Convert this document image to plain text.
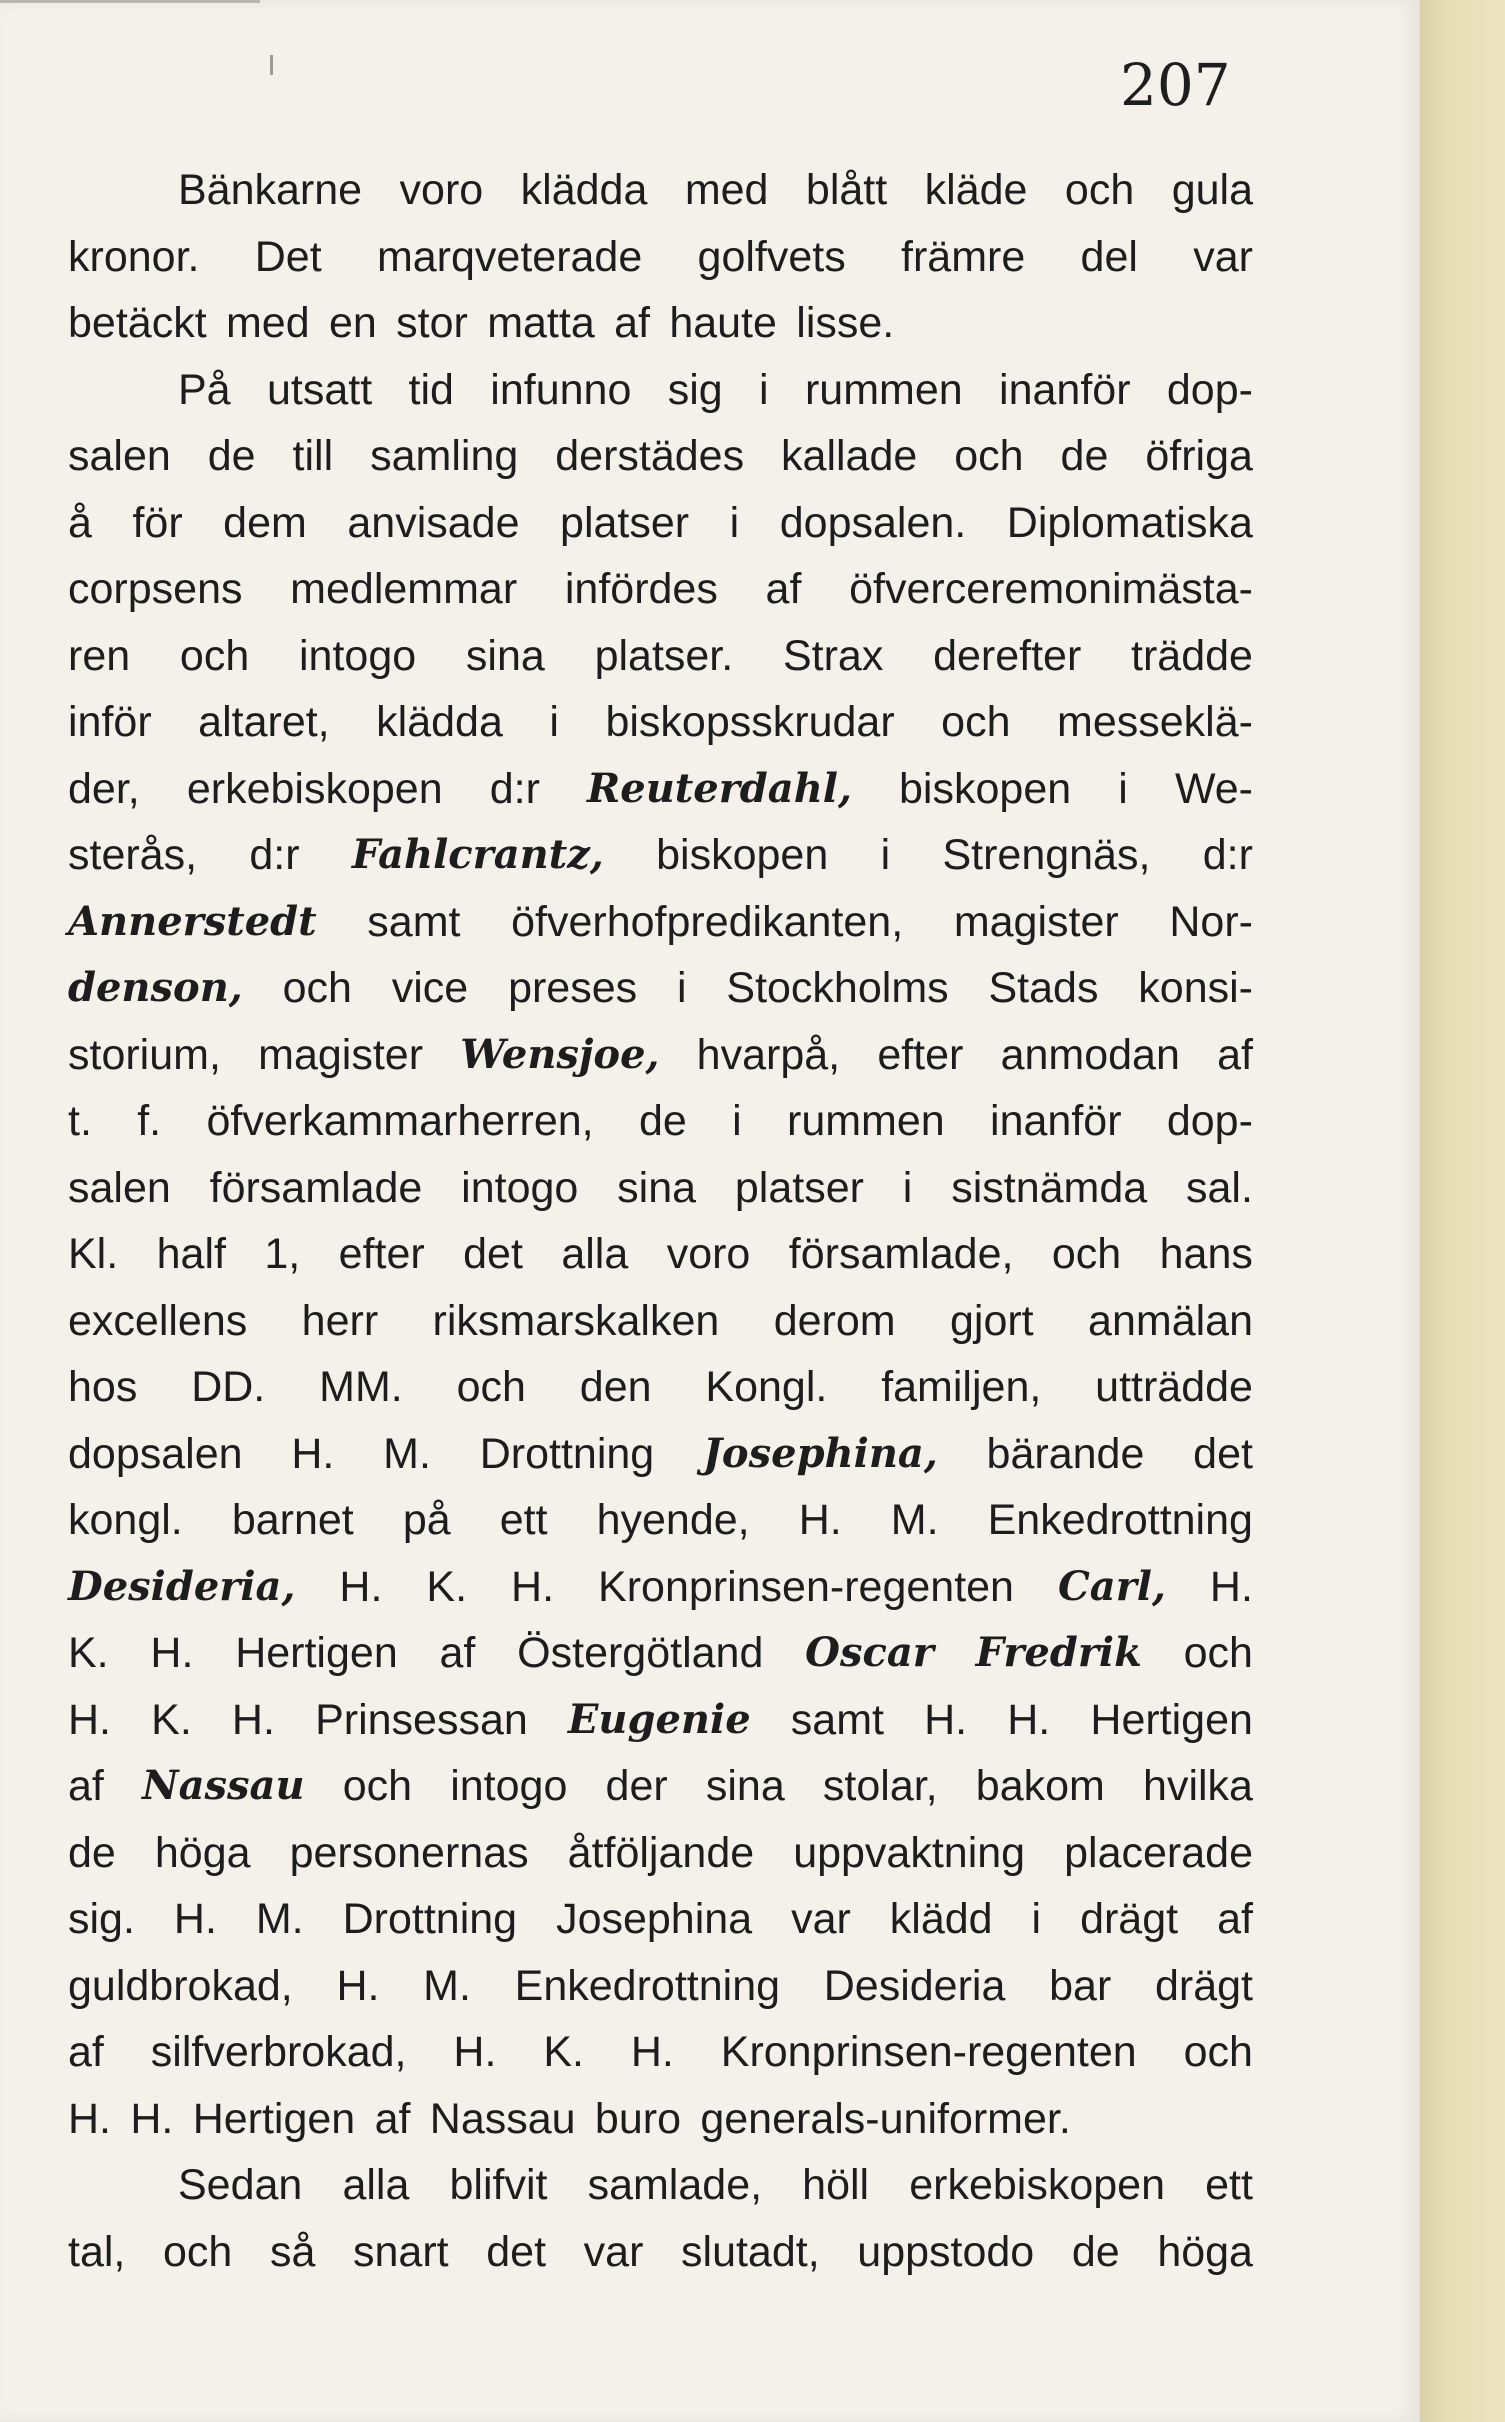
207
Bänkarne voro klädda med blått kläde och gula
kronor. Det marqveterade golfvets främre del var
betäckt med en stor matta af haute lisse.
På utsatt tid infunno sig i rummen inanför dop-
salen de till samling derstädes kallade och de öfriga
å för dem anvisade platser i dopsalen. Diplomatiska
corpsens medlemmar infördes af öfverceremonimästa-
ren och intogo sina platser. Strax derefter trädde
inför altaret, klädda i biskopsskrudar och messeklä-
der, erkebiskopen d:r Reuterdahl, biskopen i We-
sterås, d:r Fahlcrantz, biskopen i Strengnäs, d:r
Annerstedt samt öfverhofpredikanten, magister Nor-
denson, och vice preses i Stockholms Stads konsi-
storium, magister Wensjoe, hvarpå, efter anmodan af
t. f. öfverkammarherren, de i rummen inanför dop-
salen församlade intogo sina platser i sistnämda sal.
Kl. half 1, efter det alla voro församlade, och hans
excellens herr riksmarskalken derom gjort anmälan
hos DD. MM. och den Kongl. familjen, utträdde
dopsalen H. M. Drottning Josephina, bärande det
kongl. barnet på ett hyende, H. M. Enkedrottning
Desideria, H. K. H. Kronprinsen-regenten Carl, H.
K. H. Hertigen af Östergötland Oscar Fredrik och
H. K. H. Prinsessan Eugenie samt H. H. Hertigen
af Nassau och intogo der sina stolar, bakom hvilka
de höga personernas åtföljande uppvaktning placerade
sig. H. M. Drottning Josephina var klädd i drägt af
guldbrokad, H. M. Enkedrottning Desideria bar drägt
af silfverbrokad, H. K. H. Kronprinsen-regenten och
H. H. Hertigen af Nassau buro generals-uniformer.
Sedan alla blifvit samlade, höll erkebiskopen ett
tal, och så snart det var slutadt, uppstodo de höga
